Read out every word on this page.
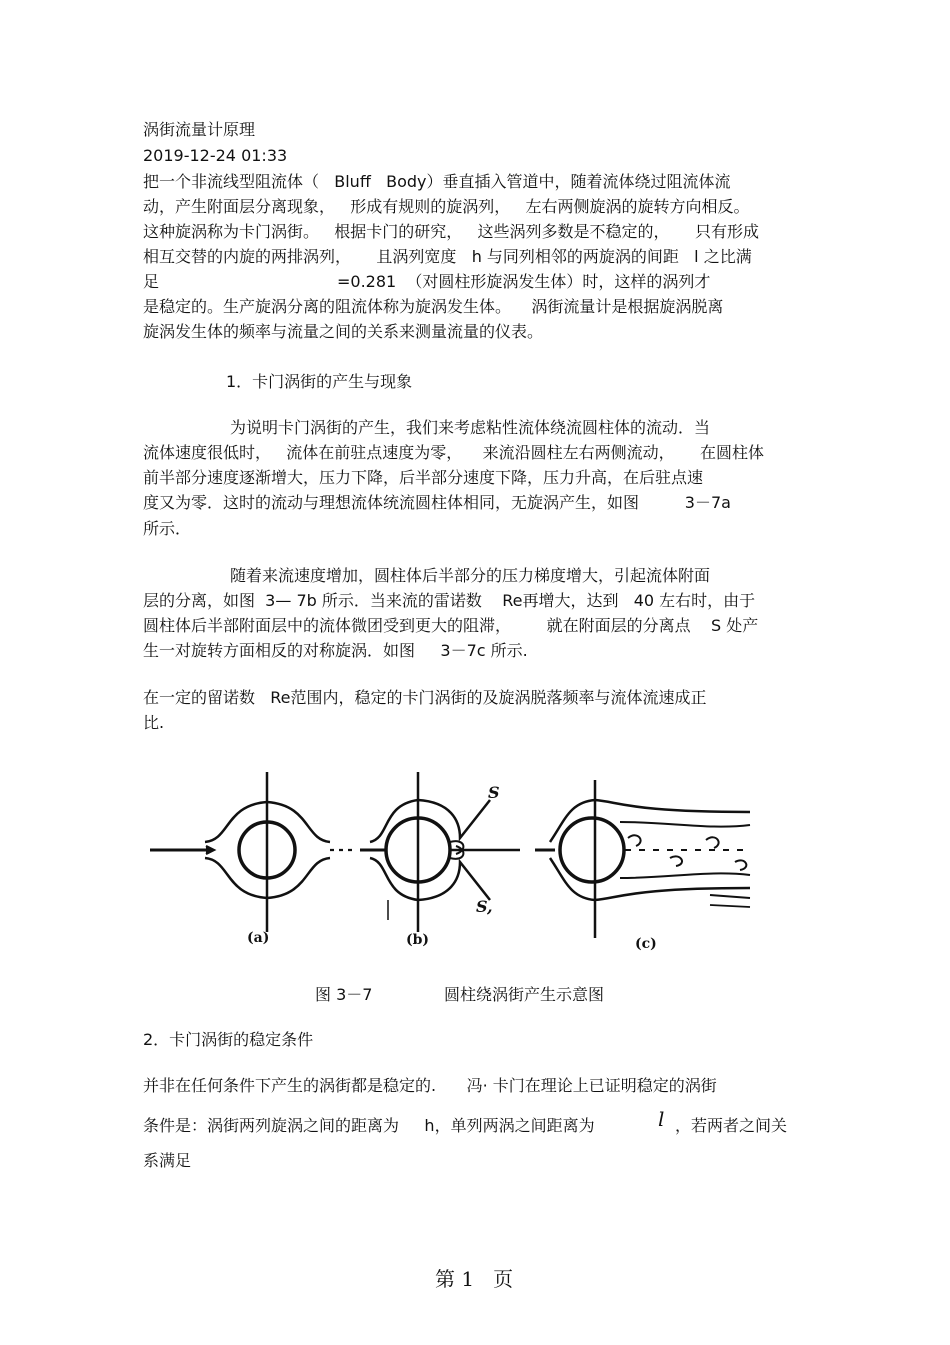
涡街流量计原理
2019-12-24 01:33
把一个非流线型阻流体（   Bluff   Body）垂直插入管道中，随着流体绕过阻流体流
动，产生附面层分离现象，   形成有规则的旋涡列，   左右两侧旋涡的旋转方向相反。
这种旋涡称为卡门涡街。   根据卡门的研究，   这些涡列多数是不稳定的，     只有形成
相互交替的内旋的两排涡列，     且涡列宽度   h 与同列相邻的两旋涡的间距   l 之比满
足                                   =0.281  （对圆柱形旋涡发生体）时，这样的涡列才
是稳定的。生产旋涡分离的阻流体称为旋涡发生体。    涡街流量计是根据旋涡脱离
旋涡发生体的频率与流量之间的关系来测量流量的仪表。
1．卡门涡街的产生与现象
为说明卡门涡街的产生，我们来考虑粘性流体绕流圆柱体的流动．当
流体速度很低时，   流体在前驻点速度为零，    来流沿圆柱左右两侧流动，     在圆柱体
前半部分速度逐渐增大，压力下降，后半部分速度下降，压力升高，在后驻点速
度又为零．这时的流动与理想流体统流圆柱体相同，无旋涡产生，如图         3－7a
所示．
随着来流速度增加，圆柱体后半部分的压力梯度增大，引起流体附面
层的分离，如图  3— 7b 所示．当来流的雷诺数    Re再增大，达到   40 左右时，由于
圆柱体后半部附面层中的流体微团受到更大的阻滞，       就在附面层的分离点    S 处产
生一对旋转方面相反的对称旋涡．如图     3－7c 所示.
在一定的留诺数   Re范围内，稳定的卡门涡街的及旋涡脱落频率与流体流速成正
比.
(a)	(b)	(c)
S
S,
图 3－7	圆柱绕涡街产生示意图
2．卡门涡街的稳定条件
并非在任何条件下产生的涡街都是稳定的.      冯· 卡门在理论上已证明稳定的涡街
条件是：涡街两列旋涡之间的距离为     h，单列两涡之间距离为	l ，若两者之间关
系满足
第 1   页
